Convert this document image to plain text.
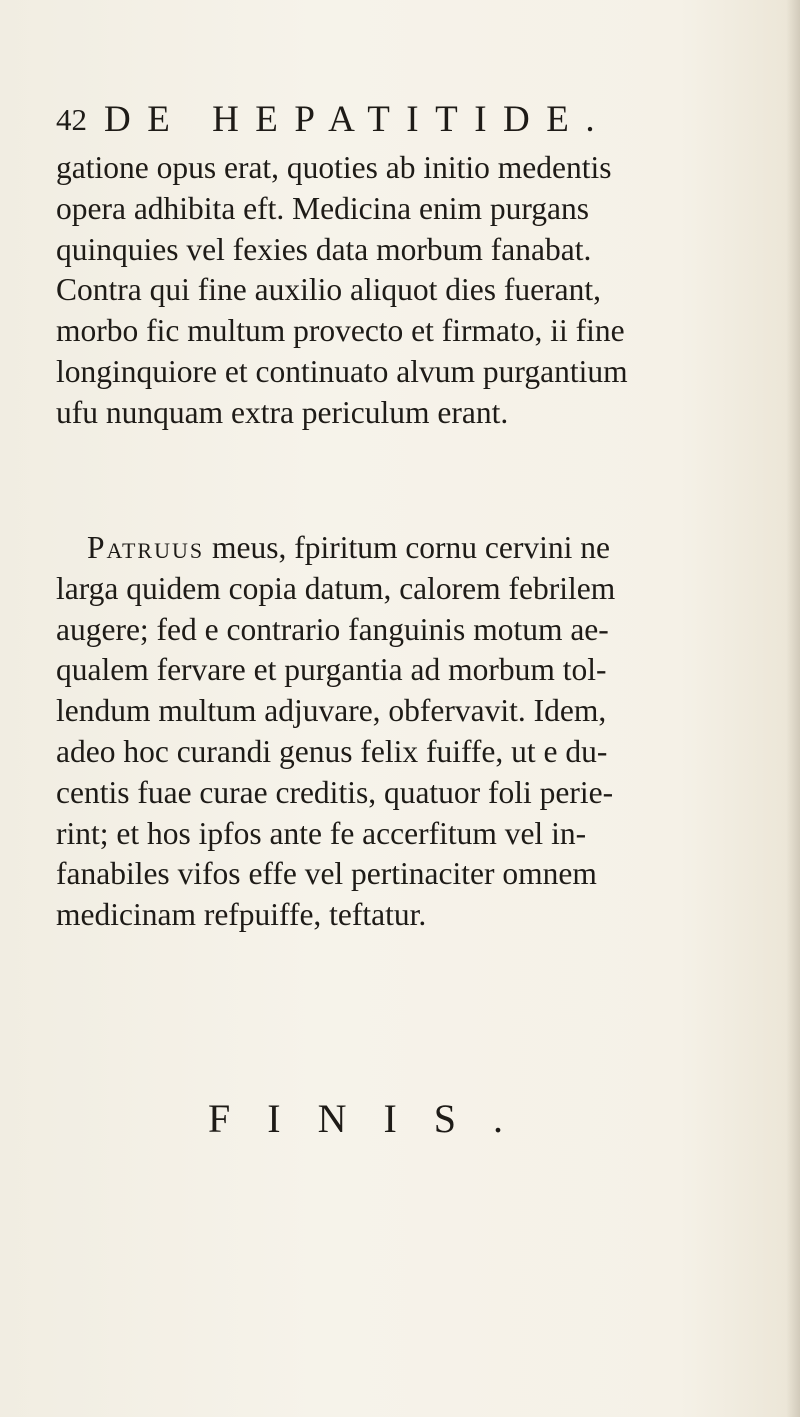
42 DE HEPATITIDE.
gatione opus erat, quoties ab initio medentis
opera adhibita eft. Medicina enim purgans
quinquies vel fexies data morbum fanabat.
Contra qui fine auxilio aliquot dies fuerant,
morbo fic multum provecto et firmato, ii fine
longinquiore et continuato alvum purgantium
ufu nunquam extra periculum erant.
Patruus meus, fpiritum cornu cervini ne
larga quidem copia datum, calorem febrilem
augere; fed e contrario fanguinis motum ae-
qualem fervare et purgantia ad morbum tol-
lendum multum adjuvare, obfervavit. Idem,
adeo hoc curandi genus felix fuiffe, ut e du-
centis fuae curae creditis, quatuor foli perie-
rint; et hos ipfos ante fe accerfitum vel in-
fanabiles vifos effe vel pertinaciter omnem
medicinam refpuiffe, teftatur.
FINIS.
